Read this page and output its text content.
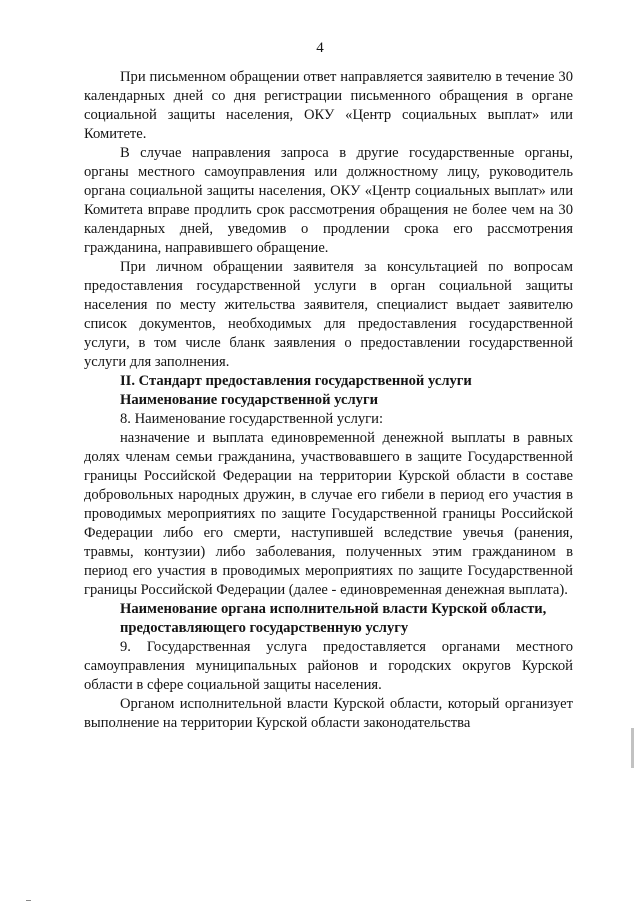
4

При письменном обращении ответ направляется заявителю в течение 30 календарных дней со дня регистрации письменного обращения в органе социальной защиты населения, ОКУ «Центр социальных выплат» или Комитете.

В случае направления запроса в другие государственные органы, органы местного самоуправления или должностному лицу, руководитель органа социальной защиты населения, ОКУ «Центр социальных выплат» или Комитета вправе продлить срок рассмотрения обращения не более чем на 30 календарных дней, уведомив о продлении срока его рассмотрения гражданина, направившего обращение.

При личном обращении заявителя за консультацией по вопросам предоставления государственной услуги в орган социальной защиты населения по месту жительства заявителя, специалист выдает заявителю список документов, необходимых для предоставления государственной услуги, в том числе бланк заявления о предоставлении государственной услуги для заполнения.

II. Стандарт предоставления государственной услуги

Наименование государственной услуги

8. Наименование государственной услуги:

назначение и выплата единовременной денежной выплаты в равных долях членам семьи гражданина, участвовавшего в защите Государственной границы Российской Федерации на территории Курской области в составе добровольных народных дружин, в случае его гибели в период его участия в проводимых мероприятиях по защите Государственной границы Российской Федерации либо его смерти, наступившей вследствие увечья (ранения, травмы, контузии) либо заболевания, полученных этим гражданином в период его участия в проводимых мероприятиях по защите Государственной границы Российской Федерации (далее - единовременная денежная выплата).

Наименование органа исполнительной власти Курской области,
предоставляющего государственную услугу

9. Государственная услуга предоставляется органами местного самоуправления муниципальных районов и городских округов Курской области в сфере социальной защиты населения.

Органом исполнительной власти Курской области, который организует выполнение на территории Курской области законодательства
